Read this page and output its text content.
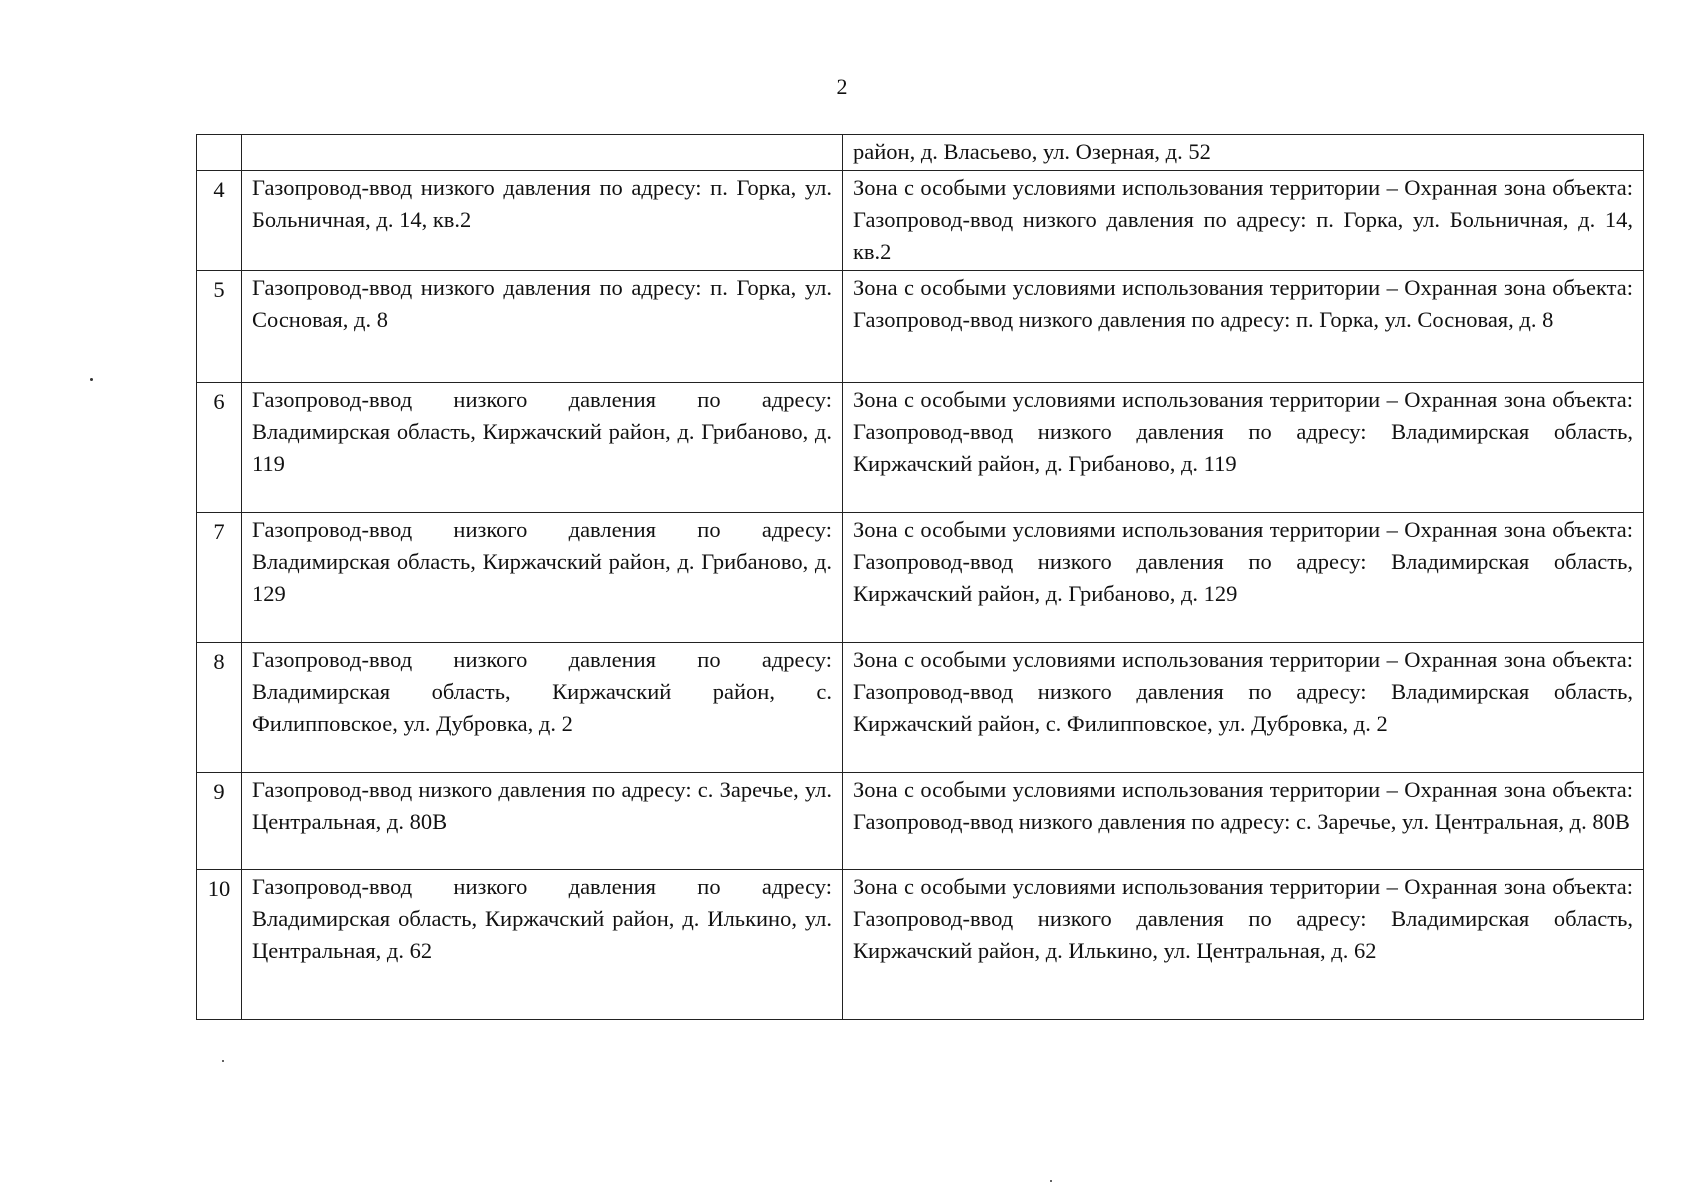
2
		район, д. Власьево, ул. Озерная, д. 52
4	Газопровод-ввод низкого давления по адресу: п. Горка, ул. Больничная, д. 14, кв.2	Зона с особыми условиями использования территории – Охранная зона объекта: Газопровод-ввод низкого давления по адресу: п. Горка, ул. Больничная, д. 14, кв.2
5	Газопровод-ввод низкого давления по адресу: п. Горка, ул. Сосновая, д. 8	Зона с особыми условиями использования территории – Охранная зона объекта: Газопровод-ввод низкого давления по адресу: п. Горка, ул. Сосновая, д. 8
6	Газопровод-ввод низкого давления по адресу: Владимирская область, Киржачский район, д. Грибаново, д. 119	Зона с особыми условиями использования территории – Охранная зона объекта: Газопровод-ввод низкого давления по адресу: Владимирская область, Киржачский район, д. Грибаново, д. 119
7	Газопровод-ввод низкого давления по адресу: Владимирская область, Киржачский район, д. Грибаново, д. 129	Зона с особыми условиями использования территории – Охранная зона объекта: Газопровод-ввод низкого давления по адресу: Владимирская область, Киржачский район, д. Грибаново, д. 129
8	Газопровод-ввод низкого давления по адресу: Владимирская область, Киржачский район, с. Филипповское, ул. Дубровка, д. 2	Зона с особыми условиями использования территории – Охранная зона объекта: Газопровод-ввод низкого давления по адресу: Владимирская область, Киржачский район, с. Филипповское, ул. Дубровка, д. 2
9	Газопровод-ввод низкого давления по адресу: с. Заречье, ул. Центральная, д. 80В	Зона с особыми условиями использования территории – Охранная зона объекта: Газопровод-ввод низкого давления по адресу: с. Заречье, ул. Центральная, д. 80В
10	Газопровод-ввод низкого давления по адресу: Владимирская область, Киржачский район, д. Илькино, ул. Центральная, д. 62	Зона с особыми условиями использования территории – Охранная зона объекта: Газопровод-ввод низкого давления по адресу: Владимирская область, Киржачский район, д. Илькино, ул. Центральная, д. 62
